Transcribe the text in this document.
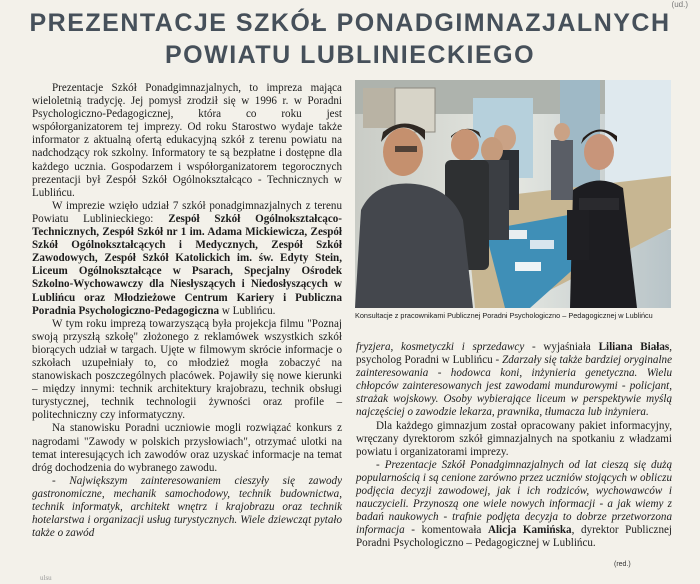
(ud.)
PREZENTACJE SZKÓŁ PONADGIMNAZJALNYCH
POWIATU LUBLINIECKIEGO

Prezentacje Szkół Ponadgimnazjalnych, to impreza mająca wieloletnią tradycję. Jej pomysł zrodził się w 1996 r. w Poradni Psychologiczno-Pedagogicznej, która co roku jest współorganizatorem tej imprezy. Od roku Starostwo wydaje także informator z aktualną ofertą edukacyjną szkół z terenu powiatu na nadchodzący rok szkolny. Informatory te są bezpłatne i dostępne dla każdego ucznia. Gospodarzem i współorganizatorem tegorocznych prezentacji był Zespół Szkół Ogólnokształcąco - Technicznych w Lublińcu.

W imprezie wzięło udział 7 szkół ponadgimnazjalnych z terenu Powiatu Lublinieckiego: Zespół Szkół Ogólnokształcąco-Technicznych, Zespół Szkół nr 1 im. Adama Mickiewicza, Zespół Szkół Ogólnokształcących i Medycznych, Zespół Szkół Zawodowych, Zespół Szkół Katolickich im. św. Edyty Stein, Liceum Ogólnokształcące w Psarach, Specjalny Ośrodek Szkolno-Wychowawczy dla Niesłyszących i Niedosłyszących w Lublińcu oraz Młodzieżowe Centrum Kariery i Publiczna Poradnia Psychologiczno-Pedagogiczna w Lublińcu.

W tym roku imprezą towarzyszącą była projekcja filmu "Poznaj swoją przyszłą szkołę" złożonego z reklamówek wszystkich szkół biorących udział w targach. Ujęte w filmowym skrócie informacje o szkołach uzupełniały to, co młodzież mogła zobaczyć na stanowiskach poszczególnych placówek. Pojawiły się nowe kierunki – między innymi: technik architektury krajobrazu, technik obsługi turystycznej, technik technologii żywności oraz profile – politechniczny czy informatyczny.

Na stanowisku Poradni uczniowie mogli rozwiązać konkurs z nagrodami "Zawody w polskich przysłowiach", otrzymać ulotki na temat interesujących ich zawodów oraz uzyskać informacje na temat dróg dochodzenia do wybranego zawodu.

- Największym zainteresowaniem cieszyły się zawody gastronomiczne, mechanik samochodowy, technik budownictwa, technik informatyk, architekt wnętrz i krajobrazu oraz technik hotelarstwa i organizacji usług turystycznych. Wiele dziewcząt pytało także o zawód

Konsultacje z pracownikami Publicznej Poradni Psychologiczno – Pedagogicznej w Lublińcu

fryzjera, kosmetyczki i sprzedawcy - wyjaśniała Liliana Białas, psycholog Poradni w Lublińcu - Zdarzały się także bardziej oryginalne zainteresowania - hodowca koni, inżynieria genetyczna. Wielu chłopców zainteresowanych jest zawodami mundurowymi - policjant, strażak wojskowy. Osoby wybierające liceum w perspektywie myślą najczęściej o zawodzie lekarza, prawnika, tłumacza lub inżyniera.

Dla każdego gimnazjum został opracowany pakiet informacyjny, wręczany dyrektorom szkół gimnazjalnych na spotkaniu z władzami powiatu i organizatorami imprezy.

- Prezentacje Szkół Ponadgimnazjalnych od lat cieszą się dużą popularnością i są cenione zarówno przez uczniów stojących w obliczu podjęcia decyzji zawodowej, jak i ich rodziców, wychowawców i nauczycieli. Przynoszą one wiele nowych informacji - a jak wiemy z badań naukowych - trafnie podjęta decyzja to dobrze przetworzona informacja - komentowała Alicja Kamińska, dyrektor Publicznej Poradni Psychologiczno – Pedagogicznej w Lublińcu.

(red.)
ulsu
